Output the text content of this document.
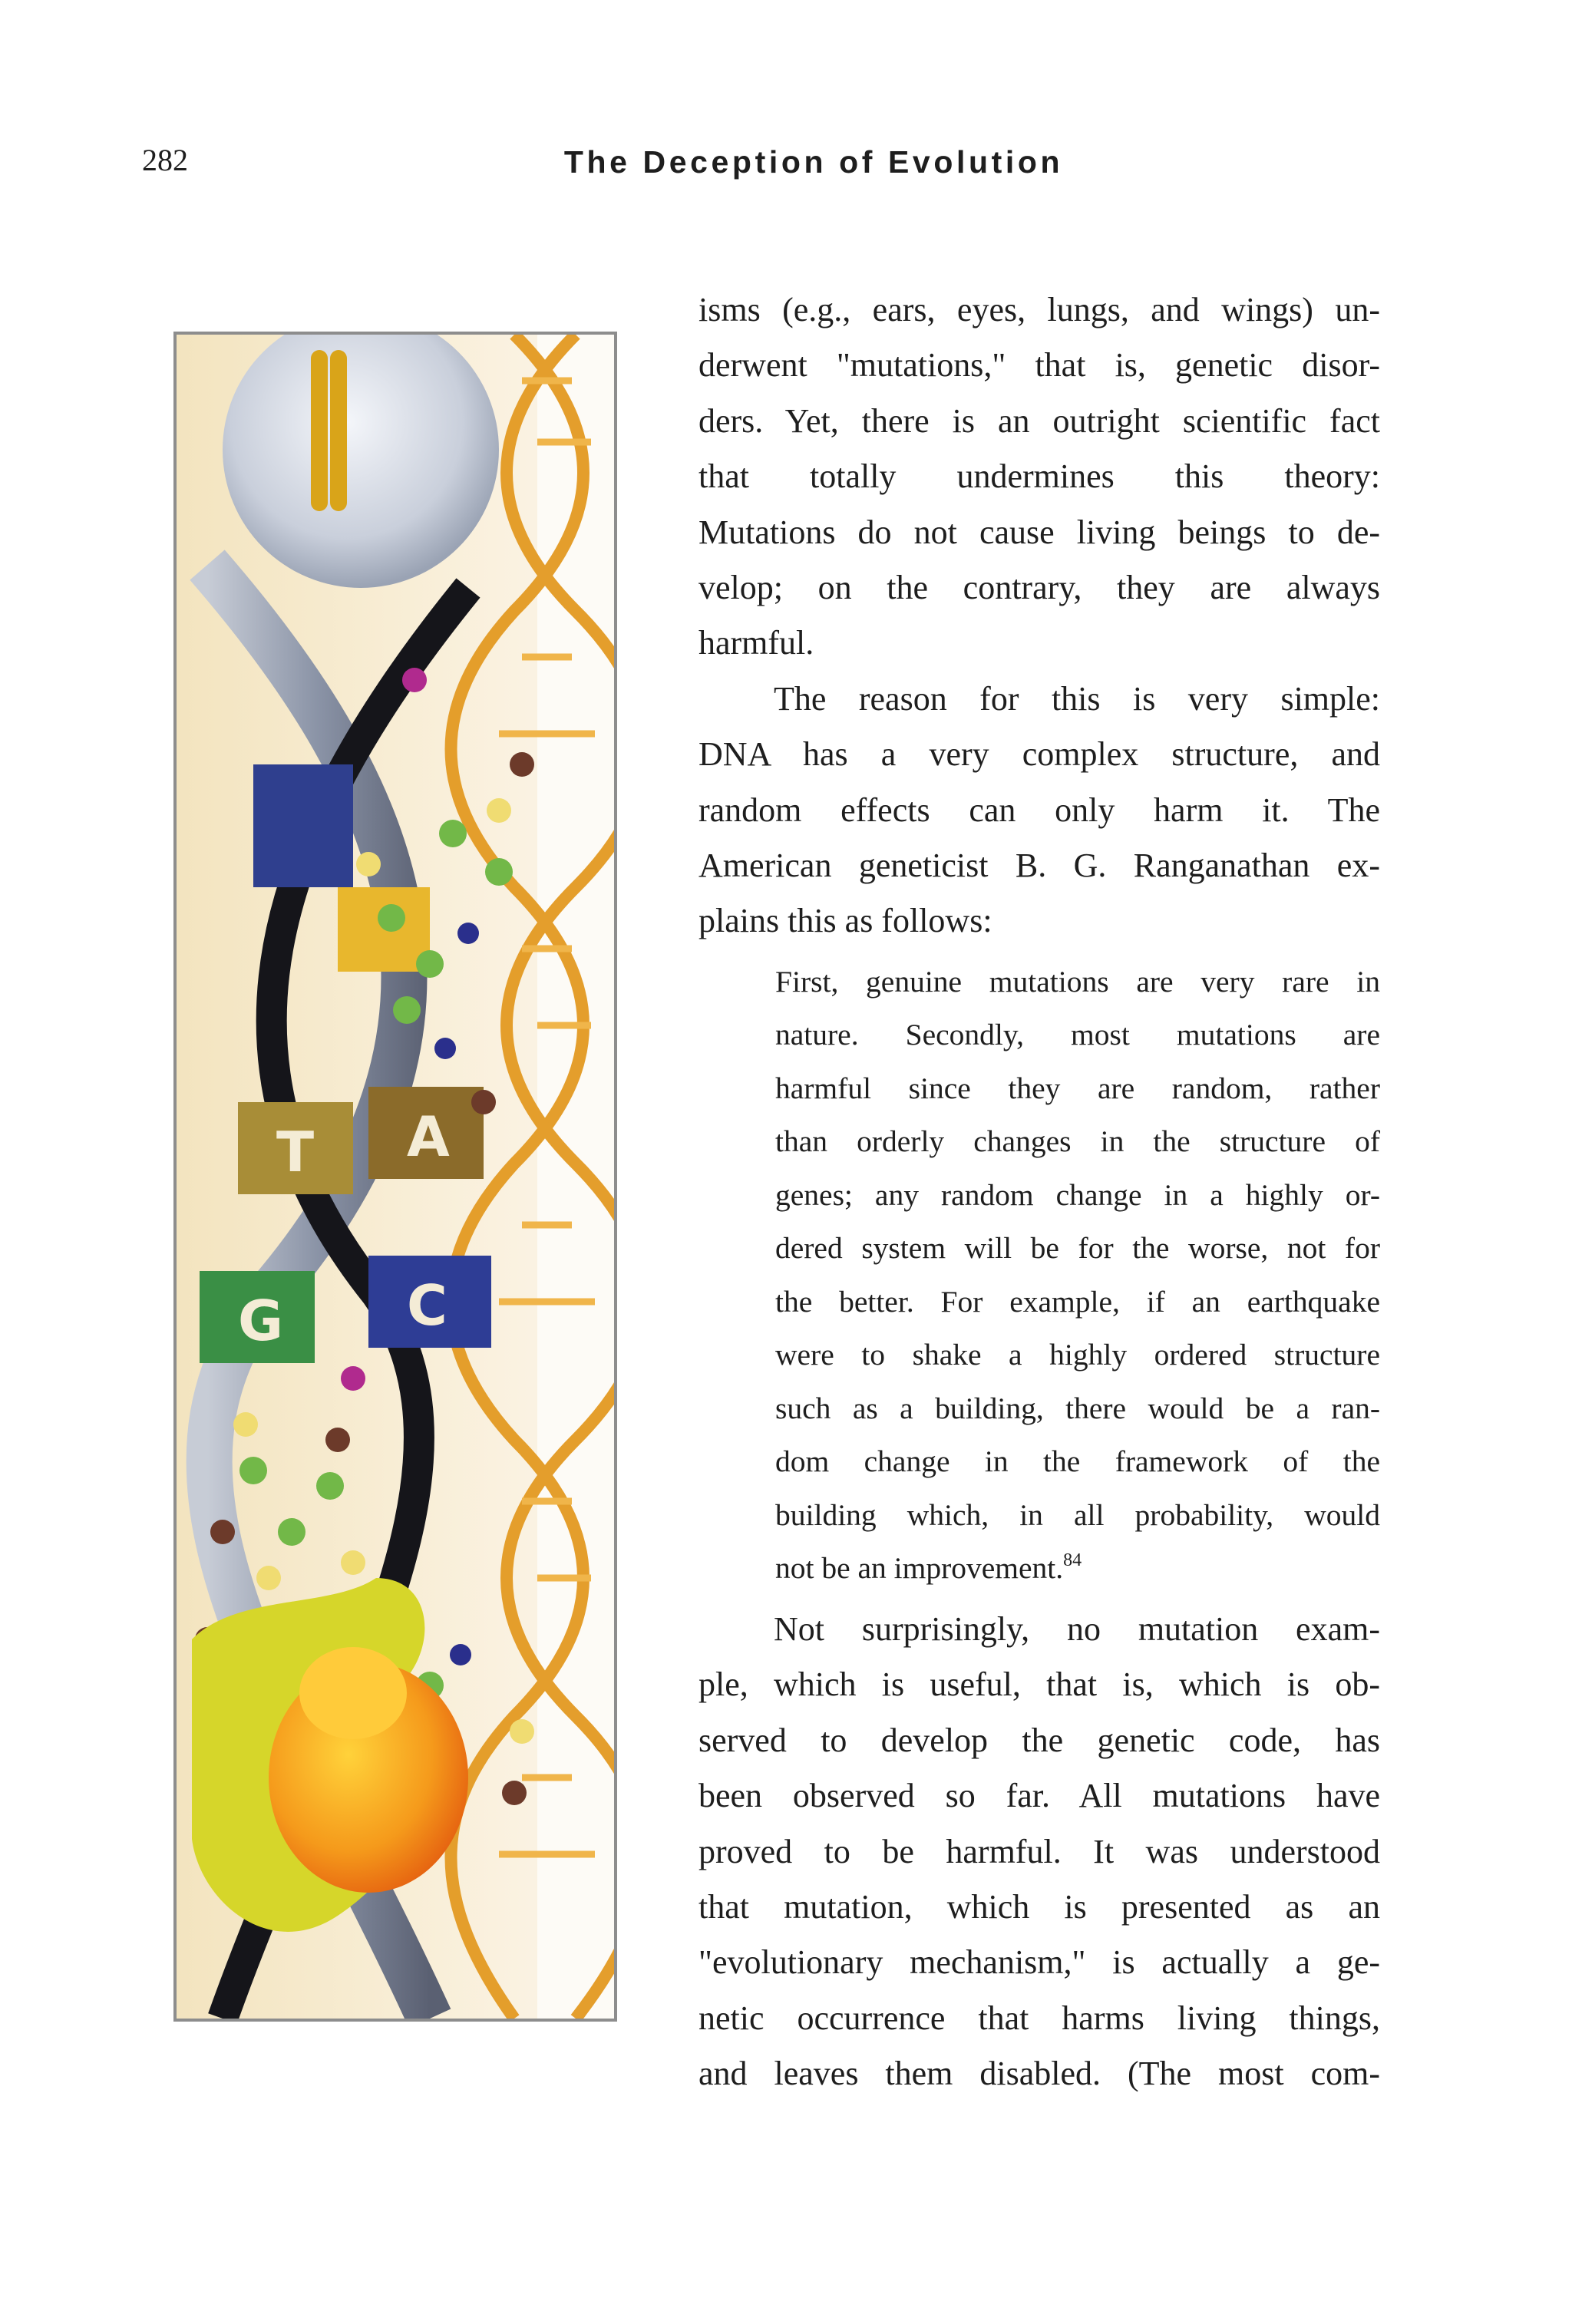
282	The Deception of Evolution
T A
G C

isms (e.g., ears, eyes, lungs, and wings) un-
derwent "mutations," that is, genetic disor-
ders. Yet, there is an outright scientific fact
that totally undermines this theory:
Mutations do not cause living beings to de-
velop; on the contrary, they are always
harmful.

The reason for this is very simple:
DNA has a very complex structure, and
random effects can only harm it. The
American geneticist B. G. Ranganathan ex-
plains this as follows:

First, genuine mutations are very rare in
nature. Secondly, most mutations are
harmful since they are random, rather
than orderly changes in the structure of
genes; any random change in a highly or-
dered system will be for the worse, not for
the better. For example, if an earthquake
were to shake a highly ordered structure
such as a building, there would be a ran-
dom change in the framework of the
building which, in all probability, would
not be an improvement.$^{84}$

Not surprisingly, no mutation exam-
ple, which is useful, that is, which is ob-
served to develop the genetic code, has
been observed so far. All mutations have
proved to be harmful. It was understood
that mutation, which is presented as an
"evolutionary mechanism," is actually a ge-
netic occurrence that harms living things,
and leaves them disabled. (The most com-
